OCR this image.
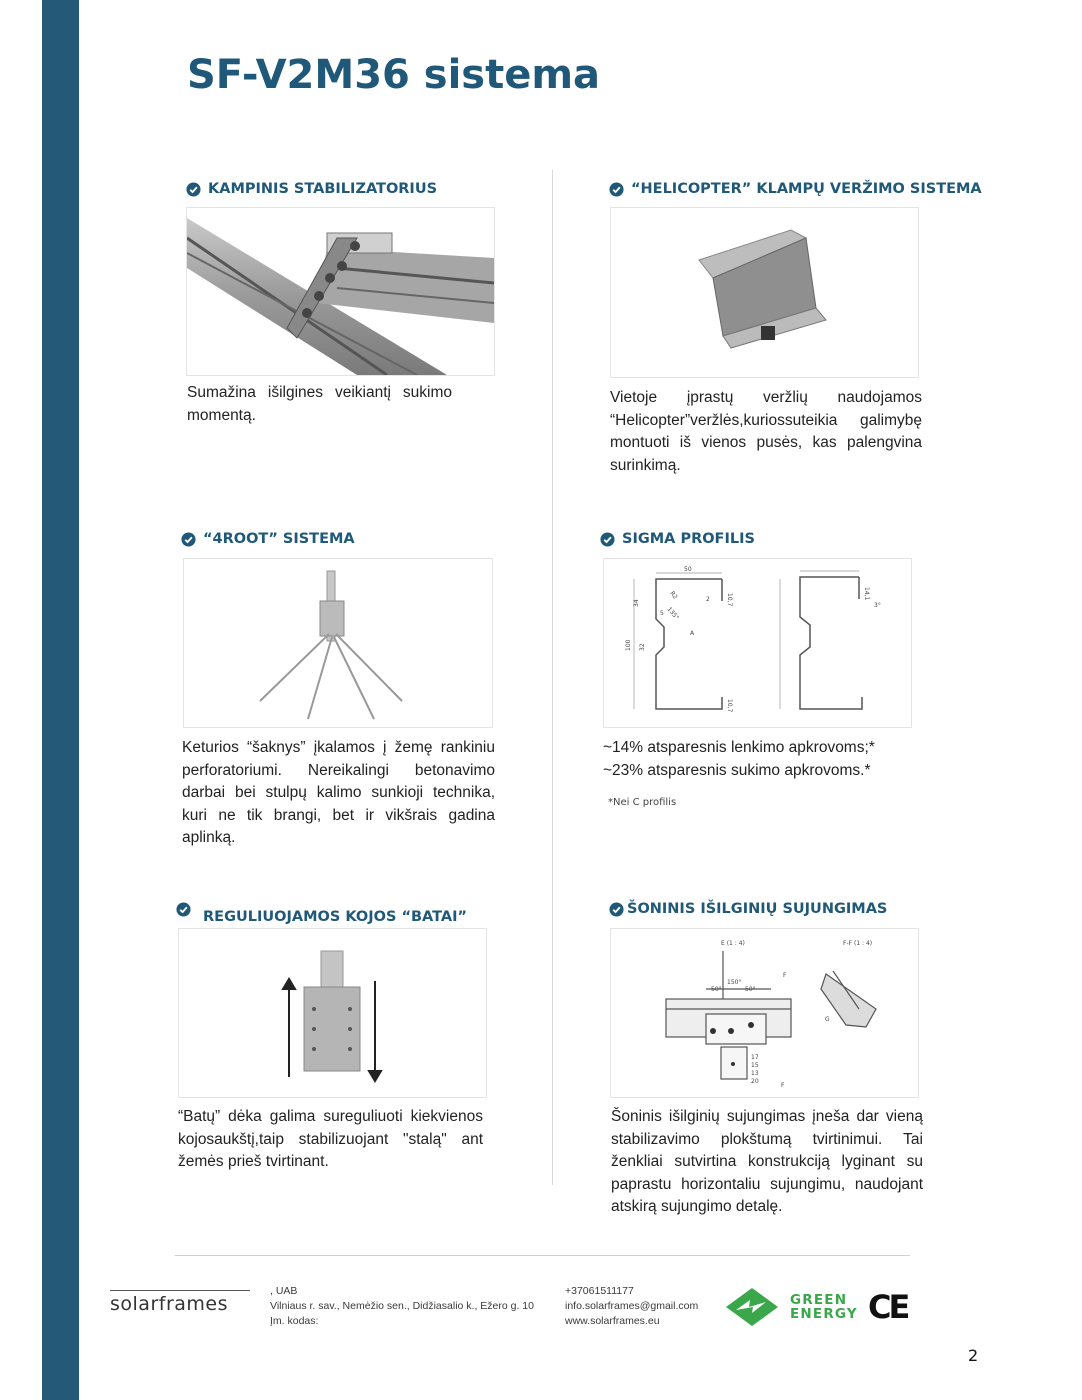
SF-V2M36 sistema
KAMPINIS STABILIZATORIUS

Sumažina išilgines veikiantį sukimo momentą.

“HELICOPTER” KLAMPŲ VERŽIMO SISTEMA

Vietoje įprastų veržlių naudojamos “Helicopter”veržlės,kuriossuteikia galimybę montuoti iš vienos pusės, kas palengvina surinkimą.

“4ROOT” SISTEMA

Keturios “šaknys” įkalamos į žemę rankiniu perforatoriumi. Nereikalingi betonavimo darbai bei stulpų kalimo sunkioji technika, kuri ne tik brangi, bet ir vikšrais gadina aplinką.

SIGMA PROFILIS
50
10,7
34
R2
135°
2
5
A
100 32
10,7
14,1
3°

~14% atsparesnis lenkimo apkrovoms;*

~23% atsparesnis sukimo apkrovoms.*

*Nei C profilis
REGULIUOJAMOS KOJOS “BATAI”

“Batų” dėka galima sureguliuoti kiekvienos kojosaukštį,taip stabilizuojant "stalą" ant žemės prieš tvirtinant.

ŠONINIS IŠILGINIŲ SUJUNGIMAS
E (1 : 4)	F-F (1 : 4)
150°
50°	50°
F
17
15
13
20
F
G

Šoninis išilginių sujungimas įneša dar vieną stabilizavimo plokštumą tvirtinimui. Tai ženkliai sutvirtina konstrukciją lyginant su paprastu horizontaliu sujungimu, naudojant atskirą sujungimo detalę.

solarframes
, UAB
Vilniaus r. sav., Nemėžio sen., Didžiasalio k., Ežero g. 10
Įm. kodas:
+37061511177
info.solarframes@gmail.com
www.solarframes.eu
GREEN
ENERGY CE
2
